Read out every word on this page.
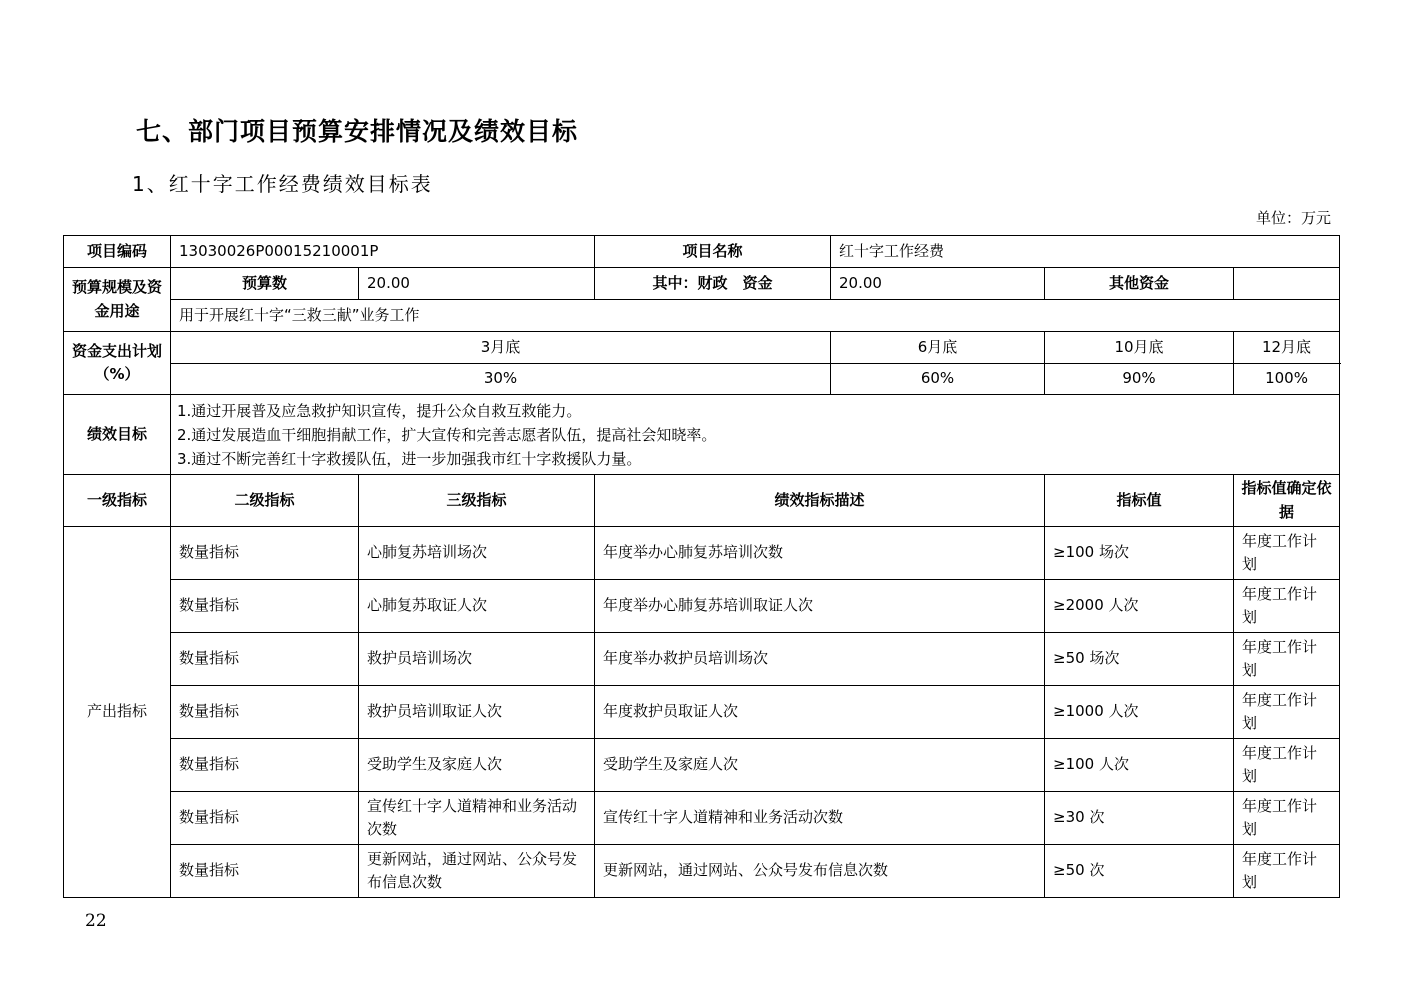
七、部门项目预算安排情况及绩效目标
1、红十字工作经费绩效目标表
单位：万元
项目编码	13030026P00015210001P		项目名称	红十字工作经费		
预算规模及资金用途	预算数	20.00	其中：财政　资金	20.00	其他资金	
	用于开展红十字“三救三献”业务工作					
资金支出计划（%）	3月底			6月底	10月底	12月底
	30%			60%	90%	100%
绩效目标	1.通过开展普及应急救护知识宣传，提升公众自救互救能力。
2.通过发展造血干细胞捐献工作，扩大宣传和完善志愿者队伍，提高社会知晓率。
3.通过不断完善红十字救援队伍，进一步加强我市红十字救援队力量。					

一级指标	二级指标	三级指标	绩效指标描述		指标值	指标值确定依据
产出指标	数量指标	心肺复苏培训场次	年度举办心肺复苏培训次数		≥100 场次	年度工作计划
	数量指标	心肺复苏取证人次	年度举办心肺复苏培训取证人次		≥2000 人次	年度工作计划
	数量指标	救护员培训场次	年度举办救护员培训场次		≥50 场次	年度工作计划
	数量指标	救护员培训取证人次	年度救护员取证人次		≥1000 人次	年度工作计划
	数量指标	受助学生及家庭人次	受助学生及家庭人次		≥100 人次	年度工作计划
	数量指标	宣传红十字人道精神和业务活动次数	宣传红十字人道精神和业务活动次数		≥30 次	年度工作计划
	数量指标	更新网站，通过网站、公众号发布信息次数	更新网站，通过网站、公众号发布信息次数		≥50 次	年度工作计划
22
